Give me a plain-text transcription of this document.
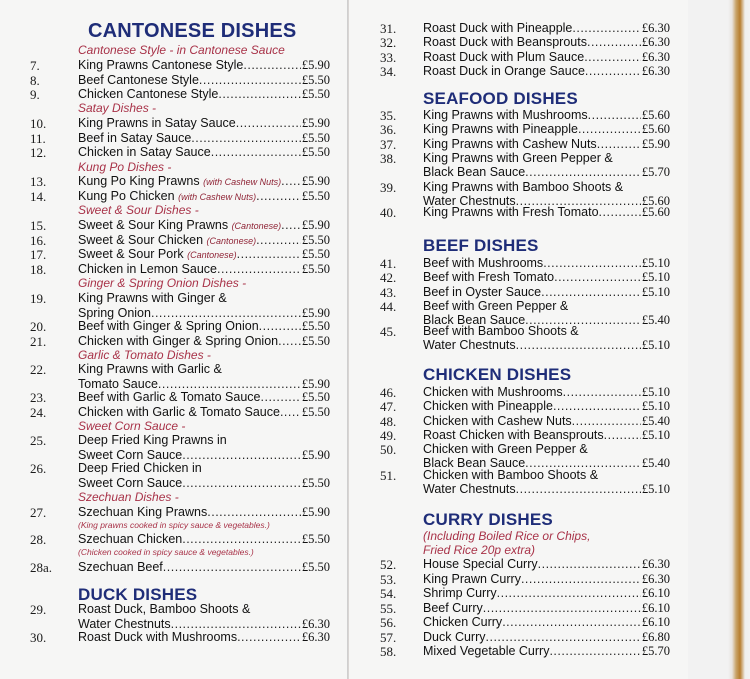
CANTONESE DISHES
Cantonese Style - in Cantonese Sauce
7.	King Prawns Cantonese Style .....	£5.90
8.	Beef Cantonese Style .....	£5.50
9.	Chicken Cantonese Style .....	£5.50
Satay Dishes -
10.	King Prawns in Satay Sauce .....	£5.90
11.	Beef in Satay Sauce .....	£5.50
12.	Chicken in Satay Sauce .....	£5.50
Kung Po Dishes -
13.	Kung Po King Prawns
(with Cashew Nuts) ..... £5.90
14.	Kung Po Chicken
(with Cashew Nuts) .....	£5.50
Sweet & Sour Dishes -
15.	Sweet & Sour King Prawns
(Cantonese) ..... £5.90
16.	Sweet & Sour Chicken
(Cantonese) .....	£5.50
17.	Sweet & Sour Pork
(Cantonese) .....	£5.50
18.	Chicken in Lemon Sauce .....	£5.50
Ginger & Spring Onion Dishes -
19.	King Prawns with Ginger &
Spring Onion .....	£5.90
20.	Beef with Ginger & Spring Onion .....	£5.50
21.	Chicken with Ginger & Spring Onion ..... £5.50
Garlic & Tomato Dishes -
22.	King Prawns with Garlic &
Tomato Sauce .....	£5.90
23.	Beef with Garlic & Tomato Sauce .....	£5.50
24.	Chicken with Garlic & Tomato Sauce ..... £5.50
Sweet Corn Sauce -
25.	Deep Fried King Prawns in
Sweet Corn Sauce .....	£5.90
26.	Deep Fried Chicken in
Sweet Corn Sauce .....	£5.50
Szechuan Dishes -
27.	Szechuan King Prawns .....	£5.90
(King prawns cooked in spicy sauce & vegetables.)
28.	Szechuan Chicken .....	£5.50
(Chicken cooked in spicy sauce & vegetables.)
28a. Szechuan Beef .....	£5.50
DUCK DISHES
29.	Roast Duck, Bamboo Shoots &
Water Chestnuts .....	£6.30
30.	Roast Duck with Mushrooms .....	£6.30
31. Roast Duck with Pineapple .....	£6.30
32. Roast Duck with Beansprouts .....	£6.30
33. Roast Duck with Plum Sauce .....	£6.30
34. Roast Duck in Orange Sauce .....	£6.30
SEAFOOD DISHES
35. King Prawns with Mushrooms .....	£5.60
36. King Prawns with Pineapple .....	£5.60
37. King Prawns with Cashew Nuts .....	£5.90
38. King Prawns with Green Pepper &
Black Bean Sauce .....	£5.70
39. King Prawns with Bamboo Shoots &
Water Chestnuts .....	£5.60
40. King Prawns with Fresh Tomato .....	£5.60
BEEF DISHES
41. Beef with Mushrooms .....	£5.10
42. Beef with Fresh Tomato .....	£5.10
43. Beef in Oyster Sauce .....	£5.10
44. Beef with Green Pepper &
Black Bean Sauce .....	£5.40
45. Beef with Bamboo Shoots &
Water Chestnuts .....	£5.10
CHICKEN DISHES
46. Chicken with Mushrooms .....	£5.10
47. Chicken with Pineapple .....	£5.10
48. Chicken with Cashew Nuts .....	£5.40
49. Roast Chicken with Beansprouts .....	£5.10
50. Chicken with Green Pepper &
Black Bean Sauce .....	£5.40
51. Chicken with Bamboo Shoots &
Water Chestnuts .....	£5.10
CURRY DISHES
(Including Boiled Rice or Chips,
Fried Rice 20p extra)
52. House Special Curry .....	£6.30
53. King Prawn Curry .....	£6.30
54. Shrimp Curry .....	£6.10
55. Beef Curry .....	£6.10
56. Chicken Curry .....	£6.10
57. Duck Curry .....	£6.80
58. Mixed Vegetable Curry .....	£5.70
